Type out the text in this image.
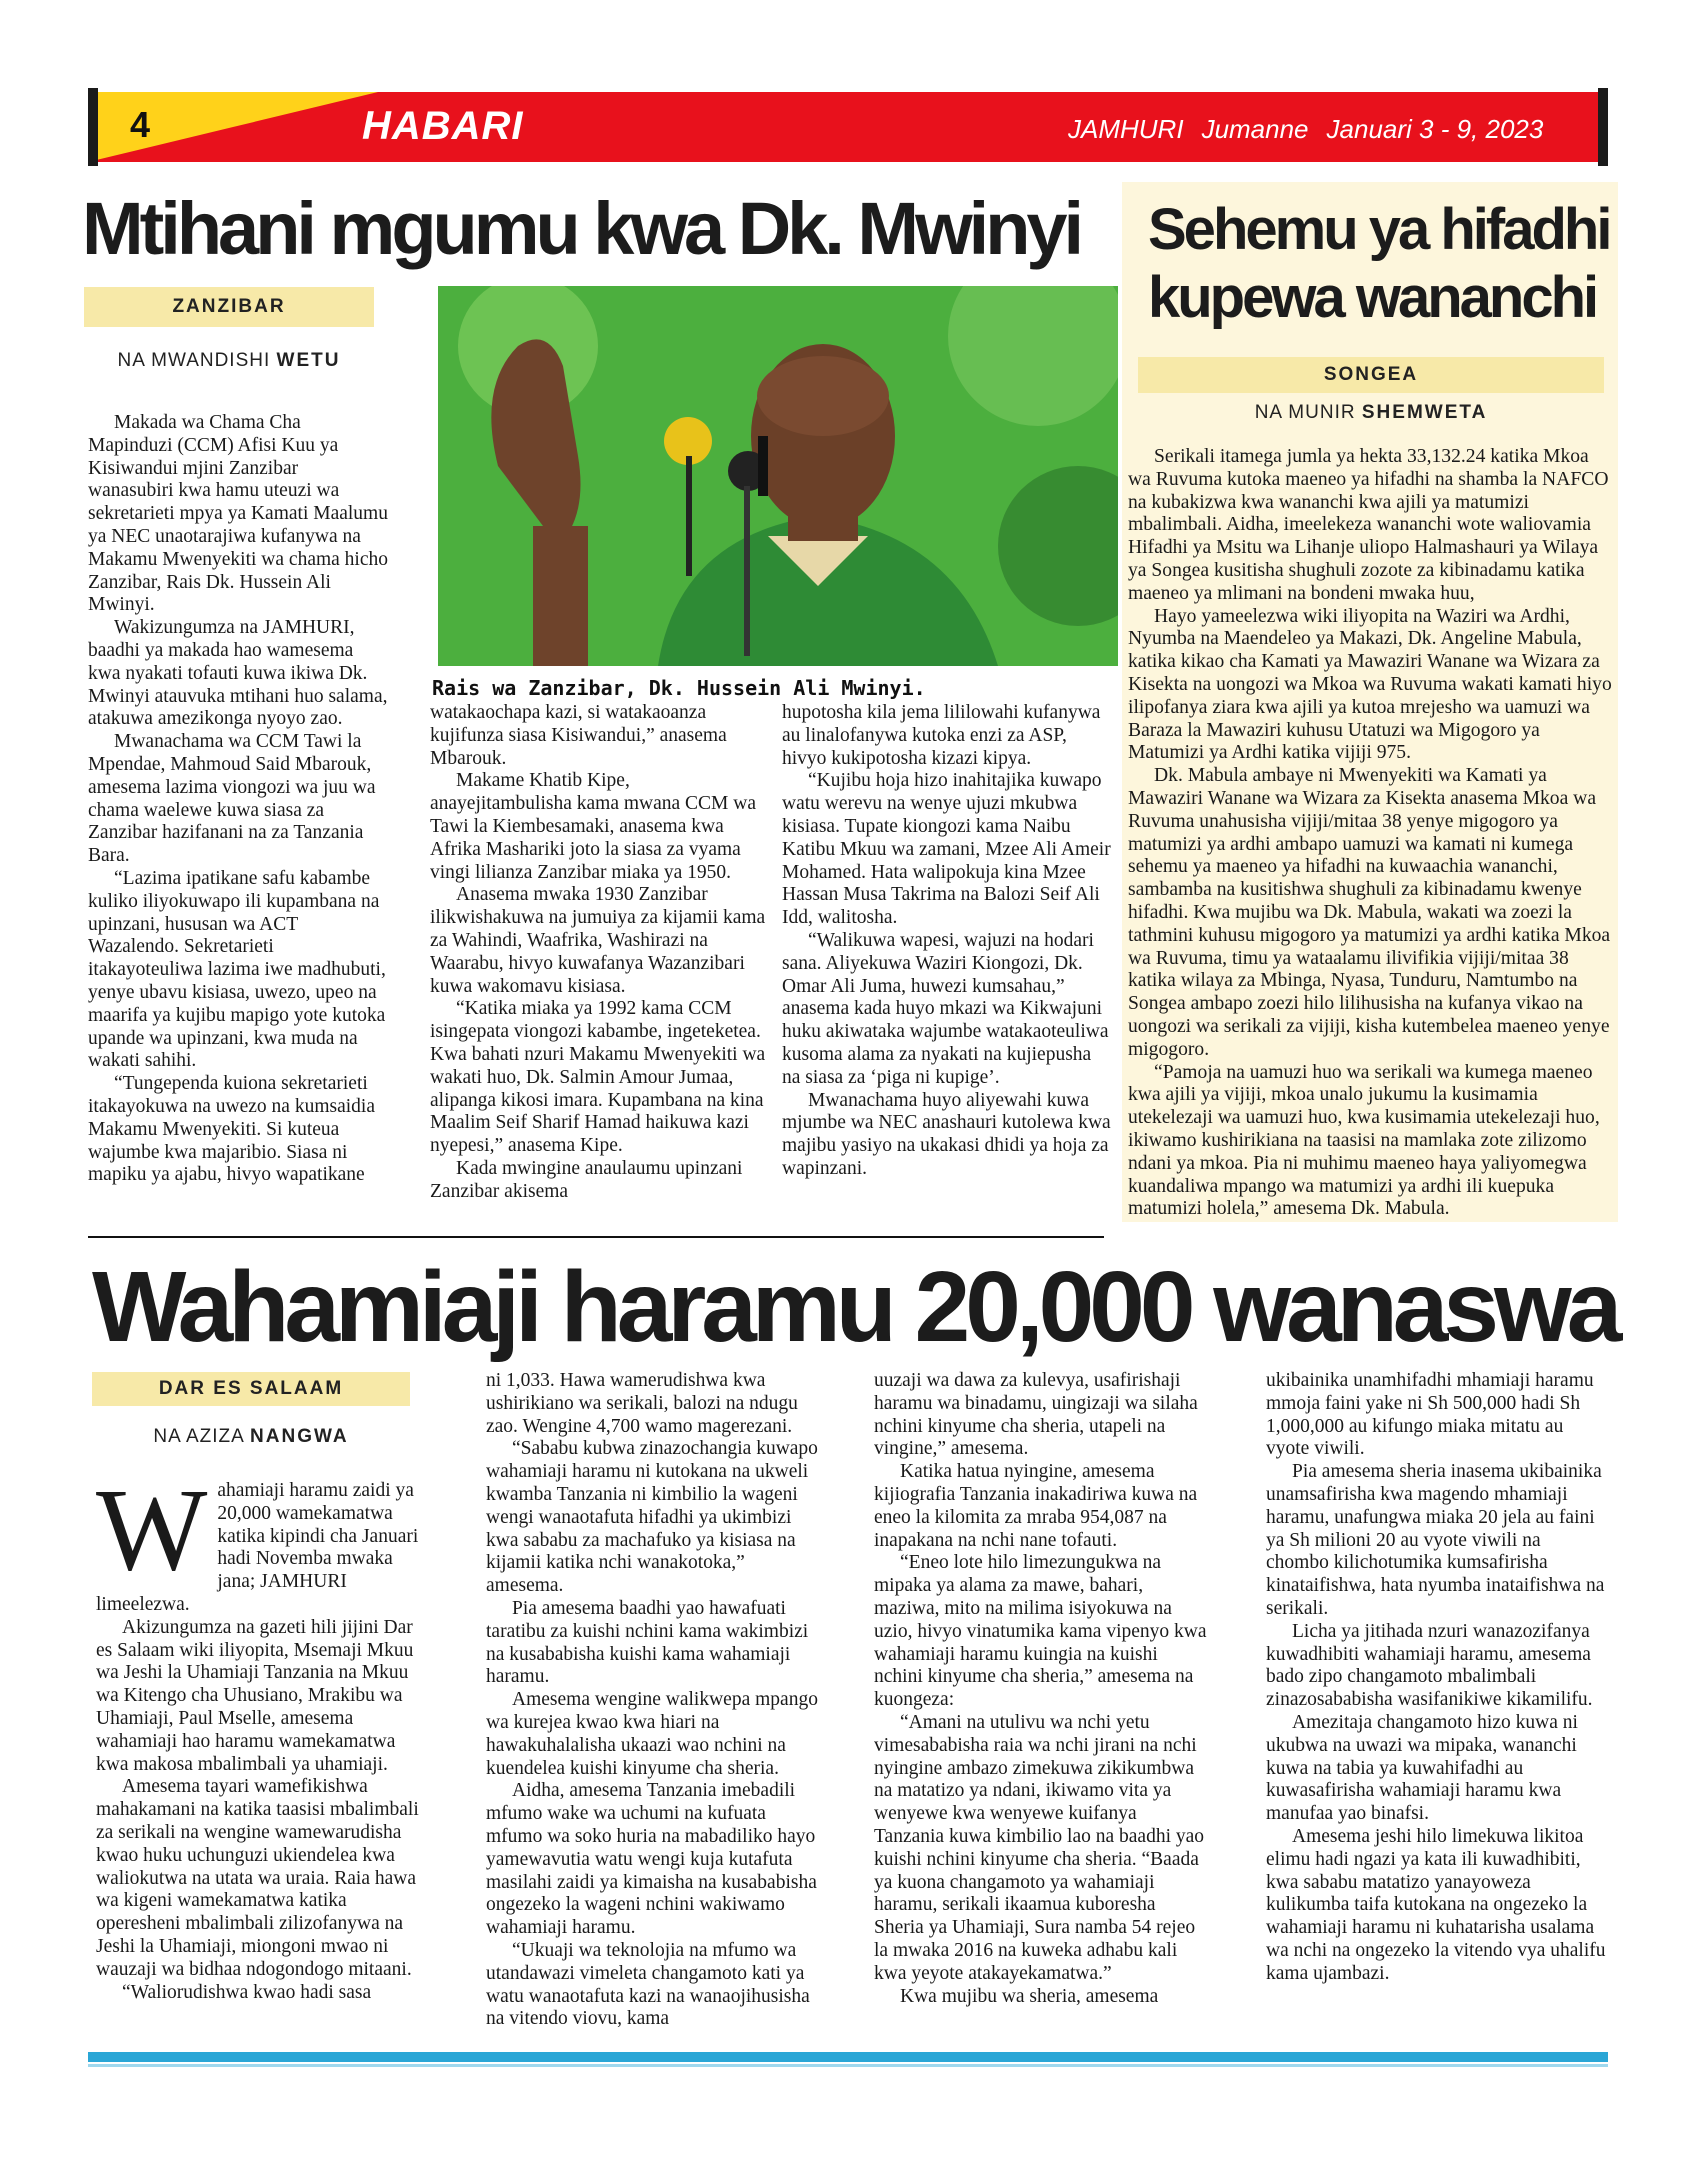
4	HABARI	JAMHURI Jumanne Januari 3 - 9, 2023
Mtihani mgumu kwa Dk. Mwinyi
ZANZIBAR
NA MWANDISHI WETU
Rais wa Zanzibar, Dk. Hussein Ali Mwinyi.

Makada wa Chama Cha Mapinduzi (CCM) Afisi Kuu ya Kisiwandui mjini Zanzibar wanasubiri kwa hamu uteuzi wa sekretarieti mpya ya Kamati Maalumu ya NEC unaotarajiwa kufanywa na Makamu Mwenyekiti wa chama hicho Zanzibar, Rais Dk. Hussein Ali Mwinyi.

Wakizungumza na JAMHURI, baadhi ya makada hao wamesema kwa nyakati tofauti kuwa ikiwa Dk. Mwinyi atauvuka mtihani huo salama, atakuwa amezikonga nyoyo zao.

Mwanachama wa CCM Tawi la Mpendae, Mahmoud Said Mbarouk, amesema lazima viongozi wa juu wa chama waelewe kuwa siasa za Zanzibar hazifanani na za Tanzania Bara.

“Lazima ipatikane safu kabambe kuliko iliyokuwapo ili kupambana na upinzani, hususan wa ACT Wazalendo. Sekretarieti itakayoteuliwa lazima iwe madhubuti, yenye ubavu kisiasa, uwezo, upeo na maarifa ya kujibu mapigo yote kutoka upande wa upinzani, kwa muda na wakati sahihi.

“Tungependa kuiona sekretarieti itakayokuwa na uwezo na kumsaidia Makamu Mwenyekiti. Si kuteua wajumbe kwa majaribio. Siasa ni mapiku ya ajabu, hivyo wapatikane

watakaochapa kazi, si watakaoanza kujifunza siasa Kisiwandui,” anasema Mbarouk.

Makame Khatib Kipe, anayejitambulisha kama mwana CCM wa Tawi la Kiembesamaki, anasema kwa Afrika Mashariki joto la siasa za vyama vingi lilianza Zanzibar miaka ya 1950.

Anasema mwaka 1930 Zanzibar ilikwishakuwa na jumuiya za kijamii kama za Wahindi, Waafrika, Washirazi na Waarabu, hivyo kuwafanya Wazanzibari kuwa wakomavu kisiasa.

“Katika miaka ya 1992 kama CCM isingepata viongozi kabambe, ingeteketea. Kwa bahati nzuri Makamu Mwenyekiti wa wakati huo, Dk. Salmin Amour Jumaa, alipanga kikosi imara. Kupambana na kina Maalim Seif Sharif Hamad haikuwa kazi nyepesi,” anasema Kipe.

Kada mwingine anaulaumu upinzani Zanzibar akisema

hupotosha kila jema lililowahi kufanywa au linalofanywa kutoka enzi za ASP, hivyo kukipotosha kizazi kipya.

“Kujibu hoja hizo inahitajika kuwapo watu werevu na wenye ujuzi mkubwa kisiasa. Tupate kiongozi kama Naibu Katibu Mkuu wa zamani, Mzee Ali Ameir Mohamed. Hata walipokuja kina Mzee Hassan Musa Takrima na Balozi Seif Ali Idd, walitosha.

“Walikuwa wapesi, wajuzi na hodari sana. Aliyekuwa Waziri Kiongozi, Dk. Omar Ali Juma, huwezi kumsahau,” anasema kada huyo mkazi wa Kikwajuni huku akiwataka wajumbe watakaoteuliwa kusoma alama za nyakati na kujiepusha na siasa za ‘piga ni kupige’.

Mwanachama huyo aliyewahi kuwa mjumbe wa NEC anashauri kutolewa kwa majibu yasiyo na ukakasi dhidi ya hoja za wapinzani.

Sehemu ya hifadhi
kupewa wananchi
SONGEA
NA MUNIR SHEMWETA

Serikali itamega jumla ya hekta 33,132.24 katika Mkoa wa Ruvuma kutoka maeneo ya hifadhi na shamba la NAFCO na kubakizwa kwa wananchi kwa ajili ya matumizi mbalimbali. Aidha, imeelekeza wananchi wote waliovamia Hifadhi ya Msitu wa Lihanje uliopo Halmashauri ya Wilaya ya Songea kusitisha shughuli zozote za kibinadamu katika maeneo ya mlimani na bondeni mwaka huu,

Hayo yameelezwa wiki iliyopita na Waziri wa Ardhi, Nyumba na Maendeleo ya Makazi, Dk. Angeline Mabula, katika kikao cha Kamati ya Mawaziri Wanane wa Wizara za Kisekta na uongozi wa Mkoa wa Ruvuma wakati kamati hiyo ilipofanya ziara kwa ajili ya kutoa mrejesho wa uamuzi wa Baraza la Mawaziri kuhusu Utatuzi wa Migogoro ya Matumizi ya Ardhi katika vijiji 975.

Dk. Mabula ambaye ni Mwenyekiti wa Kamati ya Mawaziri Wanane wa Wizara za Kisekta anasema Mkoa wa Ruvuma unahusisha vijiji/mitaa 38 yenye migogoro ya matumizi ya ardhi ambapo uamuzi wa kamati ni kumega sehemu ya maeneo ya hifadhi na kuwaachia wananchi, sambamba na kusitishwa shughuli za kibinadamu kwenye hifadhi. Kwa mujibu wa Dk. Mabula, wakati wa zoezi la tathmini kuhusu migogoro ya matumizi ya ardhi katika Mkoa wa Ruvuma, timu ya wataalamu ilivifikia vijiji/mitaa 38 katika wilaya za Mbinga, Nyasa, Tunduru, Namtumbo na Songea ambapo zoezi hilo lilihusisha na kufanya vikao na uongozi wa serikali za vijiji, kisha kutembelea maeneo yenye migogoro.

“Pamoja na uamuzi huo wa serikali wa kumega maeneo kwa ajili ya vijiji, mkoa unalo jukumu la kusimamia utekelezaji wa uamuzi huo, kwa kusimamia utekelezaji huo, ikiwamo kushirikiana na taasisi na mamlaka zote zilizomo ndani ya mkoa. Pia ni muhimu maeneo haya yaliyomegwa kuandaliwa mpango wa matumizi ya ardhi ili kuepuka matumizi holela,” amesema Dk. Mabula.

Wahamiaji haramu 20,000 wanaswa
DAR ES SALAAM
NA AZIZA NANGWA

Wahamiaji haramu zaidi ya 20,000 wamekamatwa katika kipindi cha Januari hadi Novemba mwaka jana; JAMHURI limeelezwa.

Akizungumza na gazeti hili jijini Dar es Salaam wiki iliyopita, Msemaji Mkuu wa Jeshi la Uhamiaji Tanzania na Mkuu wa Kitengo cha Uhusiano, Mrakibu wa Uhamiaji, Paul Mselle, amesema wahamiaji hao haramu wamekamatwa kwa makosa mbalimbali ya uhamiaji.

Amesema tayari wamefikishwa mahakamani na katika taasisi mbalimbali za serikali na wengine wamewarudisha kwao huku uchunguzi ukiendelea kwa waliokutwa na utata wa uraia. Raia hawa wa kigeni wamekamatwa katika operesheni mbalimbali zilizofanywa na Jeshi la Uhamiaji, miongoni mwao ni wauzaji wa bidhaa ndogondogo mitaani.

“Waliorudishwa kwao hadi sasa

ni 1,033. Hawa wamerudishwa kwa ushirikiano wa serikali, balozi na ndugu zao. Wengine 4,700 wamo magerezani.

“Sababu kubwa zinazochangia kuwapo wahamiaji haramu ni kutokana na ukweli kwamba Tanzania ni kimbilio la wageni wengi wanaotafuta hifadhi ya ukimbizi kwa sababu za machafuko ya kisiasa na kijamii katika nchi wanakotoka,” amesema.

Pia amesema baadhi yao hawafuati taratibu za kuishi nchini kama wakimbizi na kusababisha kuishi kama wahamiaji haramu.

Amesema wengine walikwepa mpango wa kurejea kwao kwa hiari na hawakuhalalisha ukaazi wao nchini na kuendelea kuishi kinyume cha sheria.

Aidha, amesema Tanzania imebadili mfumo wake wa uchumi na kufuata mfumo wa soko huria na mabadiliko hayo yamewavutia watu wengi kuja kutafuta masilahi zaidi ya kimaisha na kusababisha ongezeko la wageni nchini wakiwamo wahamiaji haramu.

“Ukuaji wa teknolojia na mfumo wa utandawazi vimeleta changamoto kati ya watu wanaotafuta kazi na wanaojihusisha na vitendo viovu, kama

uuzaji wa dawa za kulevya, usafirishaji haramu wa binadamu, uingizaji wa silaha nchini kinyume cha sheria, utapeli na vingine,” amesema.

Katika hatua nyingine, amesema kijiografia Tanzania inakadiriwa kuwa na eneo la kilomita za mraba 954,087 na inapakana na nchi nane tofauti.

“Eneo lote hilo limezungukwa na mipaka ya alama za mawe, bahari, maziwa, mito na milima isiyokuwa na uzio, hivyo vinatumika kama vipenyo kwa wahamiaji haramu kuingia na kuishi nchini kinyume cha sheria,” amesema na kuongeza:

“Amani na utulivu wa nchi yetu vimesababisha raia wa nchi jirani na nchi nyingine ambazo zimekuwa zikikumbwa na matatizo ya ndani, ikiwamo vita ya wenyewe kwa wenyewe kuifanya Tanzania kuwa kimbilio lao na baadhi yao kuishi nchini kinyume cha sheria. “Baada ya kuona changamoto ya wahamiaji haramu, serikali ikaamua kuboresha Sheria ya Uhamiaji, Sura namba 54 rejeo la mwaka 2016 na kuweka adhabu kali kwa yeyote atakayekamatwa.”

Kwa mujibu wa sheria, amesema

ukibainika unamhifadhi mhamiaji haramu mmoja faini yake ni Sh 500,000 hadi Sh 1,000,000 au kifungo miaka mitatu au vyote viwili.

Pia amesema sheria inasema ukibainika unamsafirisha kwa magendo mhamiaji haramu, unafungwa miaka 20 jela au faini ya Sh milioni 20 au vyote viwili na chombo kilichotumika kumsafirisha kinataifishwa, hata nyumba inataifishwa na serikali.

Licha ya jitihada nzuri wanazozifanya kuwadhibiti wahamiaji haramu, amesema bado zipo changamoto mbalimbali zinazosababisha wasifanikiwe kikamilifu.

Amezitaja changamoto hizo kuwa ni ukubwa na uwazi wa mipaka, wananchi kuwa na tabia ya kuwahifadhi au kuwasafirisha wahamiaji haramu kwa manufaa yao binafsi.

Amesema jeshi hilo limekuwa likitoa elimu hadi ngazi ya kata ili kuwadhibiti, kwa sababu matatizo yanayoweza kulikumba taifa kutokana na ongezeko la wahamiaji haramu ni kuhatarisha usalama wa nchi na ongezeko la vitendo vya uhalifu kama ujambazi.
